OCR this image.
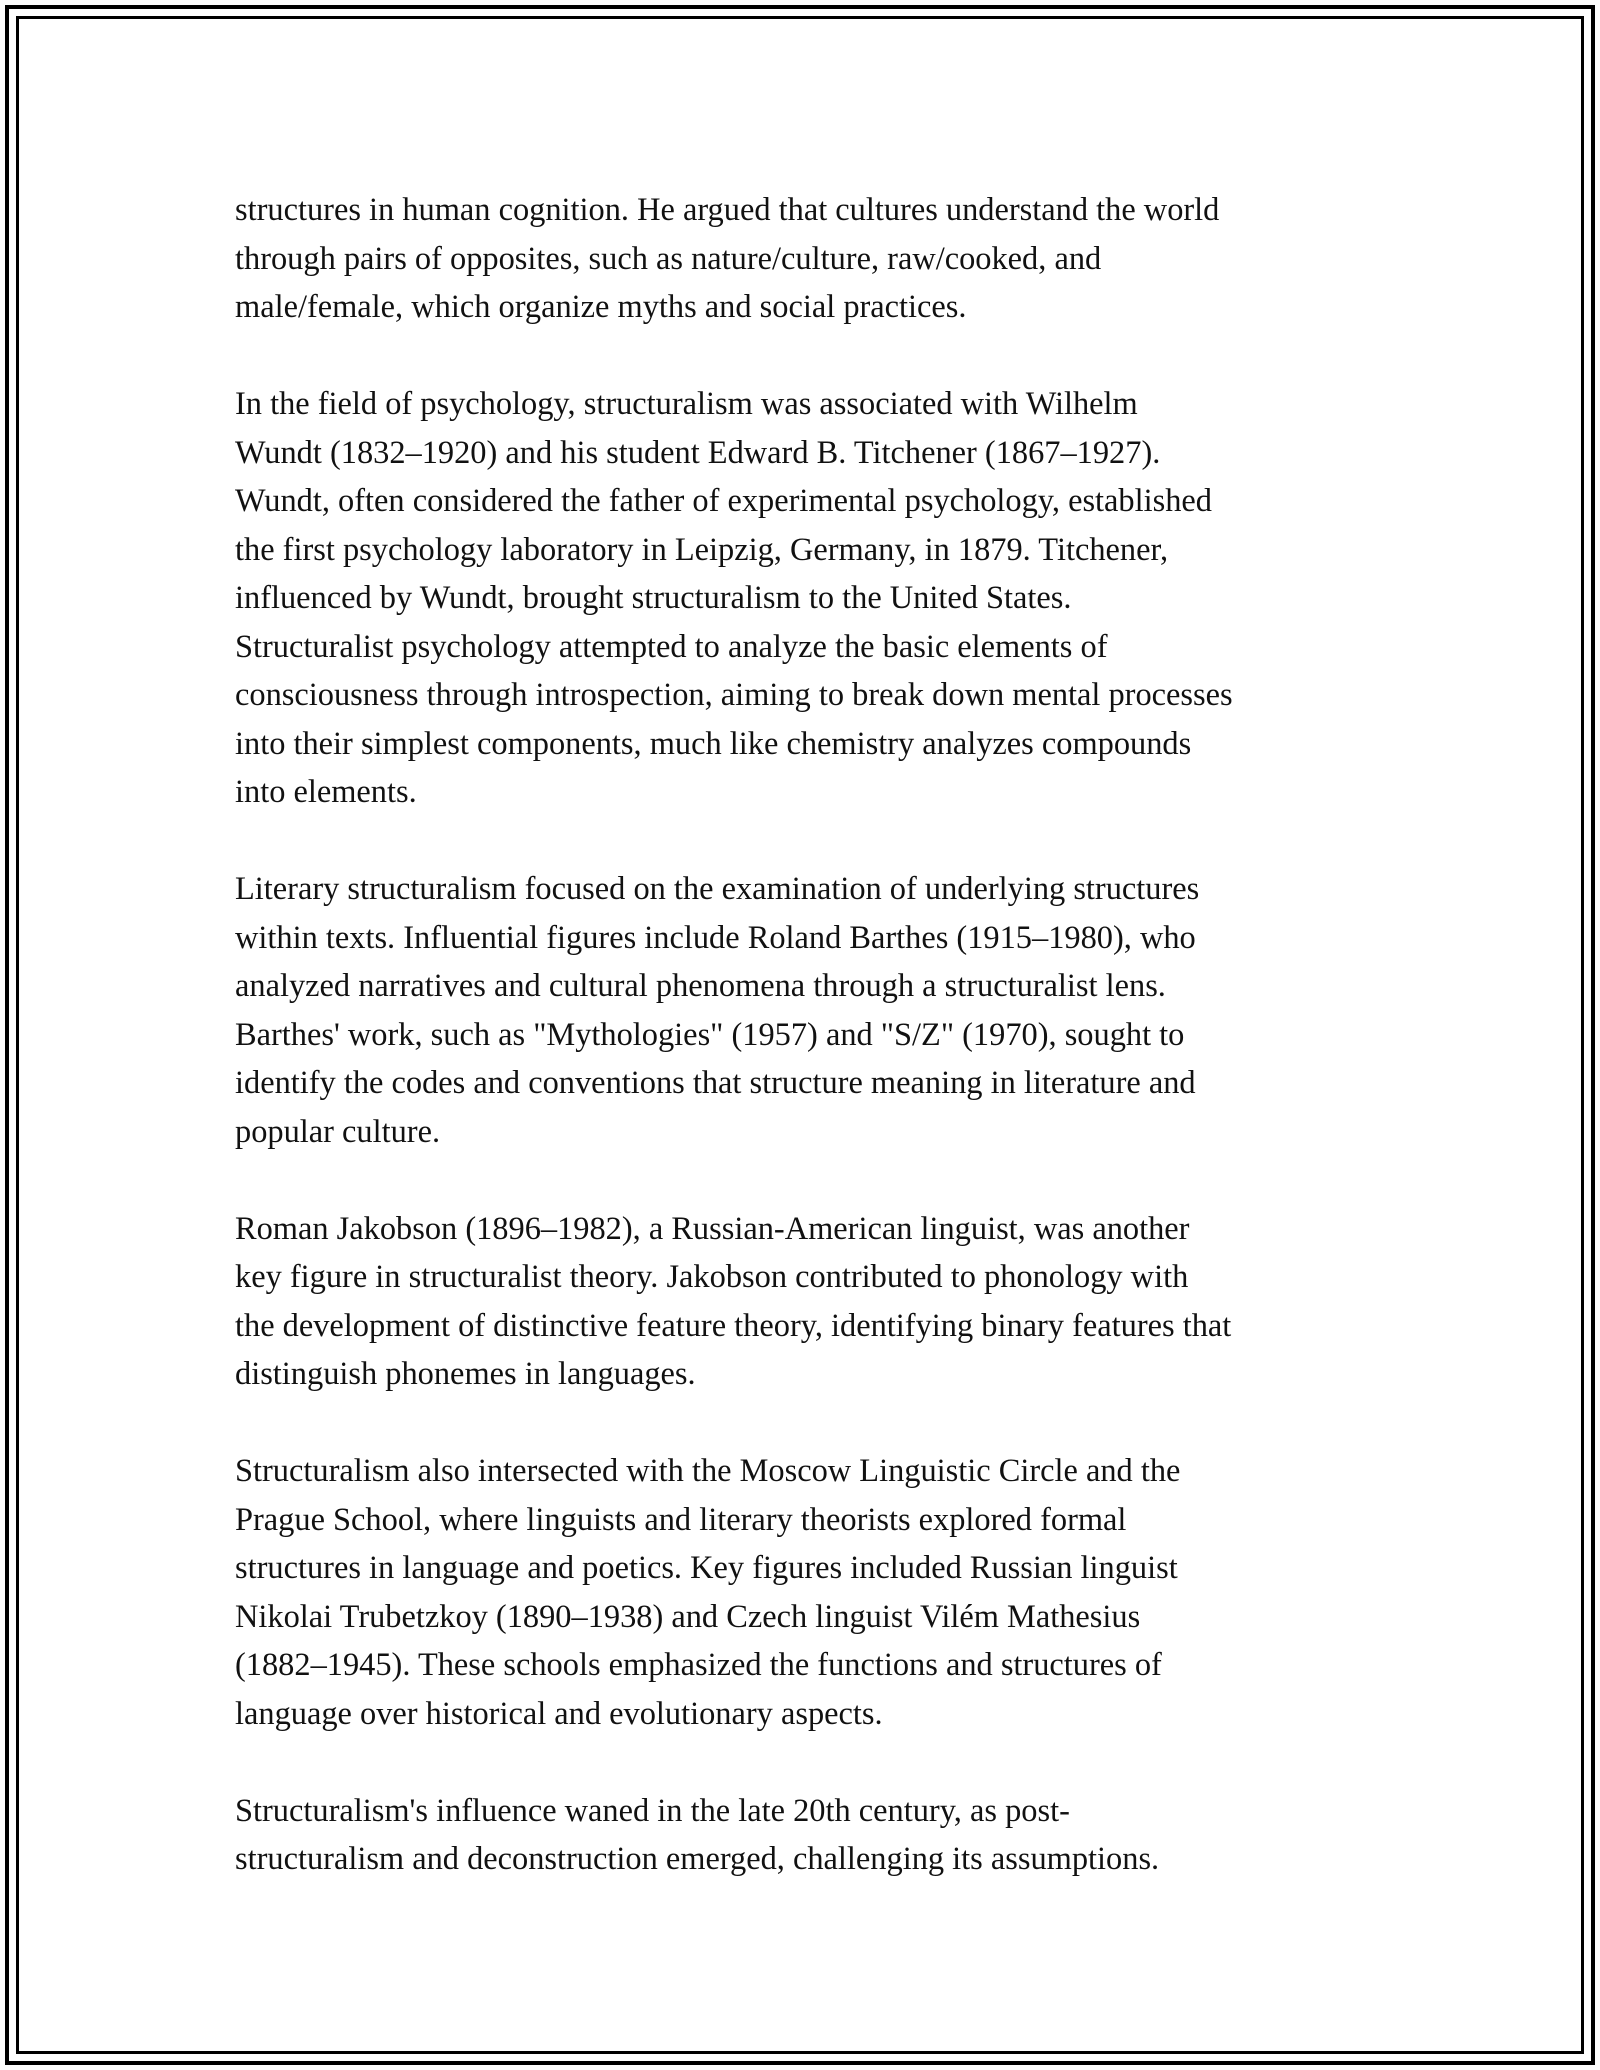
structures in human cognition. He argued that cultures understand the world
through pairs of opposites, such as nature/culture, raw/cooked, and
male/female, which organize myths and social practices.

In the field of psychology, structuralism was associated with Wilhelm
Wundt (1832–1920) and his student Edward B. Titchener (1867–1927).
Wundt, often considered the father of experimental psychology, established
the first psychology laboratory in Leipzig, Germany, in 1879. Titchener,
influenced by Wundt, brought structuralism to the United States.
Structuralist psychology attempted to analyze the basic elements of
consciousness through introspection, aiming to break down mental processes
into their simplest components, much like chemistry analyzes compounds
into elements.

Literary structuralism focused on the examination of underlying structures
within texts. Influential figures include Roland Barthes (1915–1980), who
analyzed narratives and cultural phenomena through a structuralist lens.
Barthes' work, such as "Mythologies" (1957) and "S/Z" (1970), sought to
identify the codes and conventions that structure meaning in literature and
popular culture.

Roman Jakobson (1896–1982), a Russian-American linguist, was another
key figure in structuralist theory. Jakobson contributed to phonology with
the development of distinctive feature theory, identifying binary features that
distinguish phonemes in languages.

Structuralism also intersected with the Moscow Linguistic Circle and the
Prague School, where linguists and literary theorists explored formal
structures in language and poetics. Key figures included Russian linguist
Nikolai Trubetzkoy (1890–1938) and Czech linguist Vilém Mathesius
(1882–1945). These schools emphasized the functions and structures of
language over historical and evolutionary aspects.

Structuralism's influence waned in the late 20th century, as post-
structuralism and deconstruction emerged, challenging its assumptions.
